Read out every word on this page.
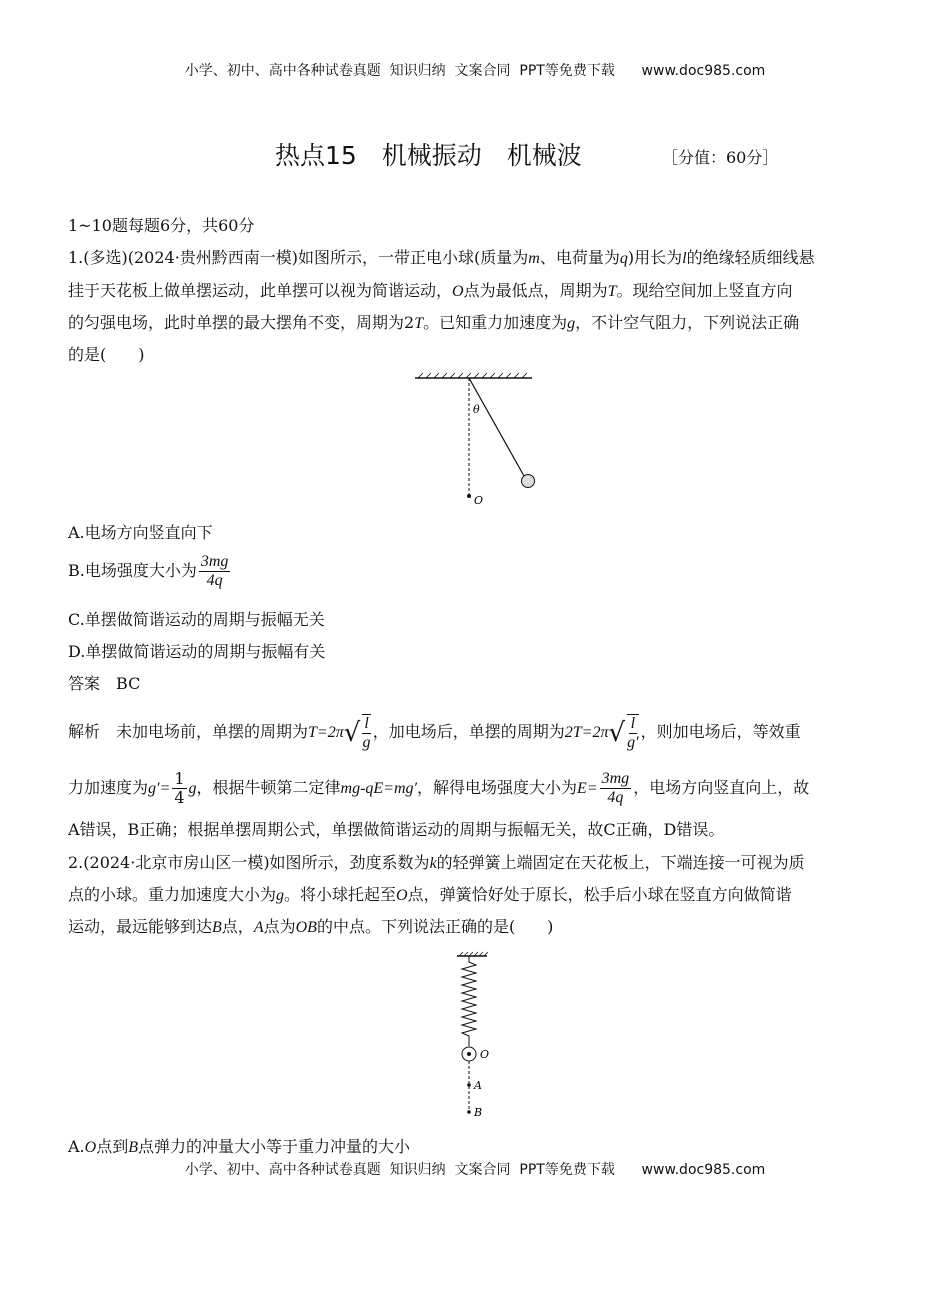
小学、初中、高中各种试卷真题  知识归纳  文案合同  PPT等免费下载      www.doc985.com
热点15　机械振动　机械波	［分值：60分］
1~10题每题6分，共60分
1.(多选)(2024·贵州黔西南一模)如图所示，一带正电小球(质量为m、电荷量为q)用长为l的绝缘轻质细线悬
挂于天花板上做单摆运动，此单摆可以视为简谐运动，O点为最低点，周期为T。现给空间加上竖直方向
的匀强电场，此时单摆的最大摆角不变，周期为2T。已知重力加速度为g，不计空气阻力，下列说法正确
的是(　　)
θ
O
A.电场方向竖直向下
B.电场强度大小为 $\frac{3mg}{4q}$
C.单摆做简谐运动的周期与振幅无关
D.单摆做简谐运动的周期与振幅有关
答案　 BC
解析　未加电场前，单摆的周期为T=2π √ $\frac{l}{g}$ ，加电场后，单摆的周期为2T=2π √ $\frac{l}{g'}$ ，则加电场后，等效重
力加速度为$g'= \frac{1}{4}$ g，根据牛顿第二定律mg-qE=mg′，解得电场强度大小为$E= \frac{3mg}{4q}$ ，电场方向竖直向上，故
A错误，B正确；根据单摆周期公式，单摆做简谐运动的周期与振幅无关，故C正确，D错误。
2.(2024·北京市房山区一模)如图所示，劲度系数为k的轻弹簧上端固定在天花板上，下端连接一可视为质
点的小球。重力加速度大小为g。将小球托起至O点，弹簧恰好处于原长，松手后小球在竖直方向做简谐
运动，最远能够到达B点，A点为OB的中点。下列说法正确的是(　　)
O
A
B
A.O点到B点弹力的冲量大小等于重力冲量的大小
小学、初中、高中各种试卷真题  知识归纳  文案合同  PPT等免费下载      www.doc985.com
